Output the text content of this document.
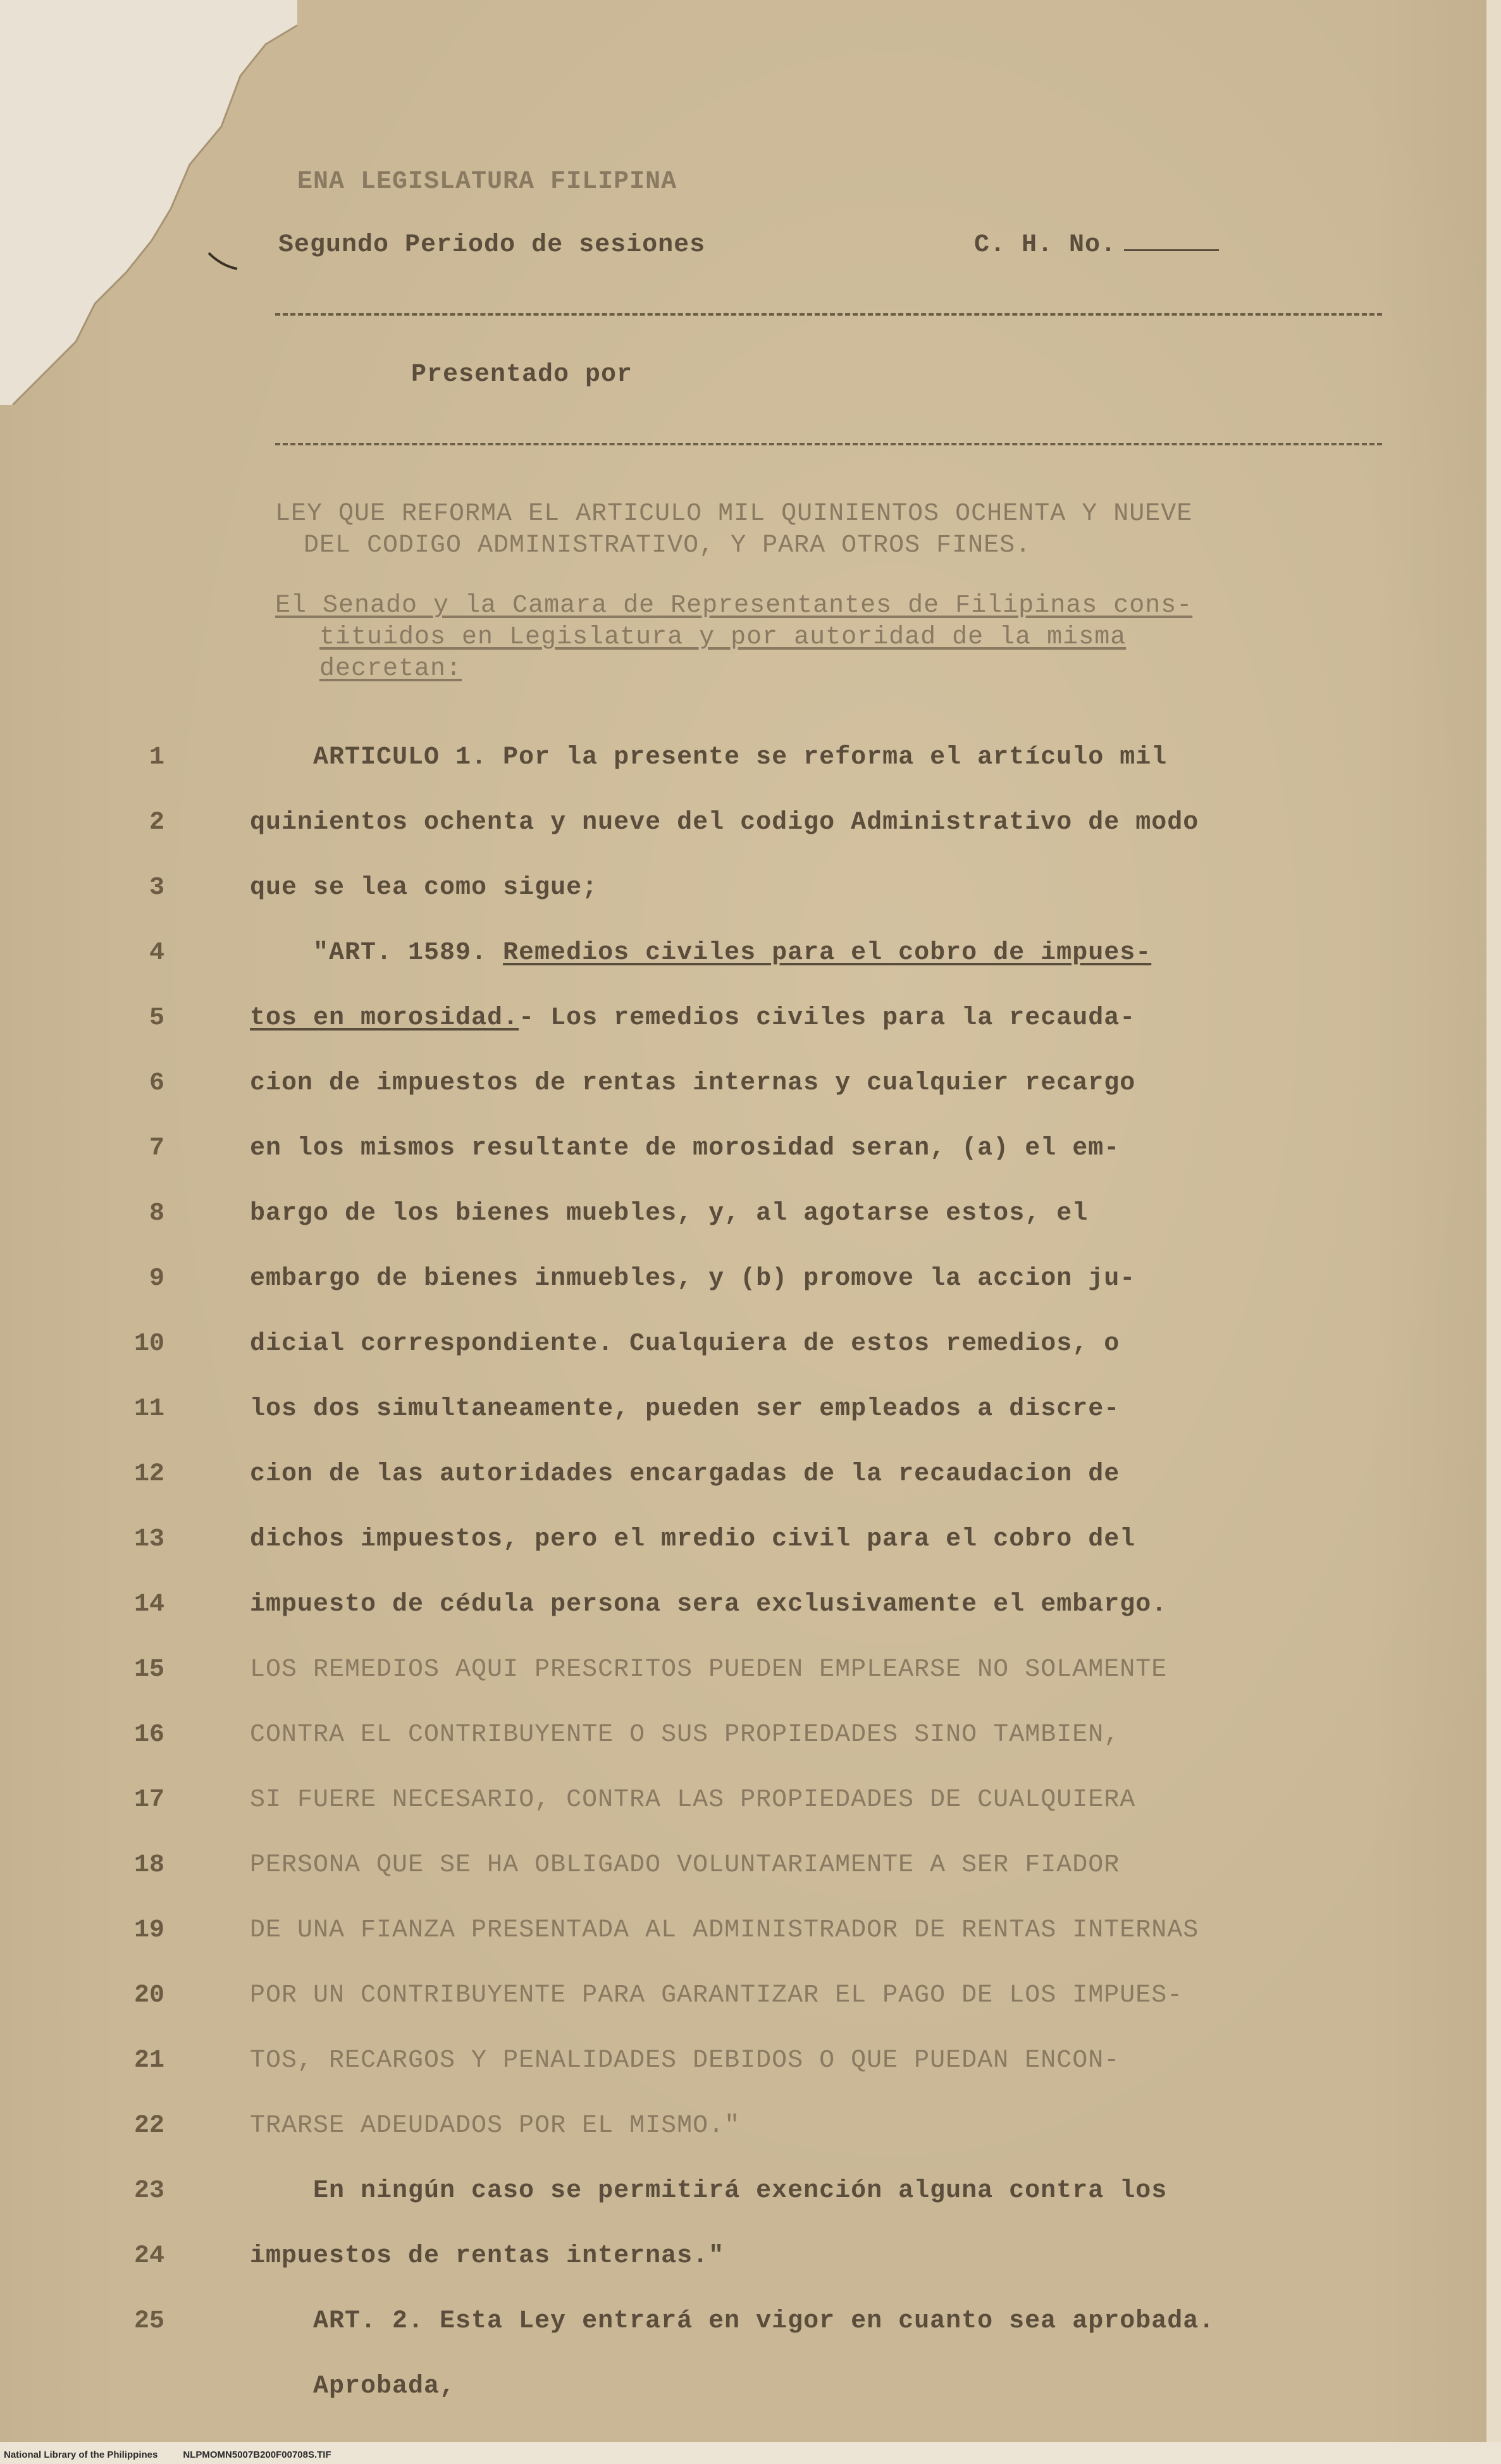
National Library of the Philippines	NLPMOMN5007B200F00708S.TIF
ENA LEGISLATURA FILIPINA
Segundo Periodo de sesiones	C. H. No.
Presentado por
LEY QUE REFORMA EL ARTICULO MIL QUINIENTOS OCHENTA Y NUEVE
DEL CODIGO ADMINISTRATIVO, Y PARA OTROS FINES.
El Senado y la Camara de Representantes de Filipinas cons-
tituidos en Legislatura y por autoridad de la misma
decretan:
1	ARTICULO 1. Por la presente se reforma el artículo mil
2	quinientos ochenta y nueve del codigo Administrativo de modo
3	que se lea como sigue;
4	"ART. 1589. Remedios civiles para el cobro de impues-
5	tos en morosidad.- Los remedios civiles para la recauda-
6	cion de impuestos de rentas internas y cualquier recargo
7	en los mismos resultante de morosidad seran, (a) el em-
8	bargo de los bienes muebles, y, al agotarse estos, el
9	embargo de bienes inmuebles, y (b) promove la accion ju-
10	dicial correspondiente. Cualquiera de estos remedios, o
11	los dos simultaneamente, pueden ser empleados a discre-
12	cion de las autoridades encargadas de la recaudacion de
13	dichos impuestos, pero el mredio civil para el cobro del
14	impuesto de cédula persona sera exclusivamente el embargo.
15	LOS REMEDIOS AQUI PRESCRITOS PUEDEN EMPLEARSE NO SOLAMENTE
16	CONTRA EL CONTRIBUYENTE O SUS PROPIEDADES SINO TAMBIEN,
17	SI FUERE NECESARIO, CONTRA LAS PROPIEDADES DE CUALQUIERA
18	PERSONA QUE SE HA OBLIGADO VOLUNTARIAMENTE A SER FIADOR
19	DE UNA FIANZA PRESENTADA AL ADMINISTRADOR DE RENTAS INTERNAS
20	POR UN CONTRIBUYENTE PARA GARANTIZAR EL PAGO DE LOS IMPUES-
21	TOS, RECARGOS Y PENALIDADES DEBIDOS O QUE PUEDAN ENCON-
22	TRARSE ADEUDADOS POR EL MISMO."
23	En ningún caso se permitirá exención alguna contra los
24	impuestos de rentas internas."
25	ART. 2. Esta Ley entrará en vigor en cuanto sea aprobada.
Aprobada,
